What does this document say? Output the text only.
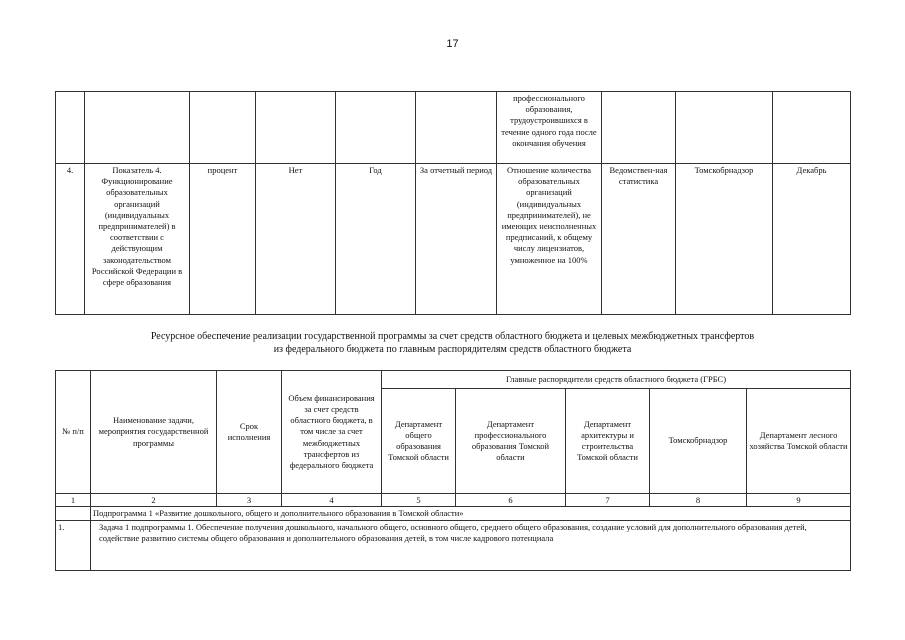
17
						профессионального образования, трудоустроившихся в течение одного года после окончания обучения			
4.	Показатель 4. Функционирование образовательных организаций (индивидуальных предпринимателей) в соответствии с действующим законодательством Российской Федерации в сфере образования	процент	Нет	Год	За отчетный период	Отношение количества образовательных организаций (индивидуальных предпринимателей), не имеющих неисполненных предписаний, к общему числу лицензиатов, умноженное на 100%	Ведомствен-ная статистика	Томскобрнадзор	Декабрь
Ресурсное обеспечение реализации государственной программы за счет средств областного бюджета и целевых межбюджетных трансфертов
из федерального бюджета по главным распорядителям средств областного бюджета
№ п/п	Наименование задачи, мероприятия государственной программы	Срок исполнения	Объем финансирования за счет средств областного бюджета, в том числе за счет межбюджетных трансфертов из федерального бюджета	Главные распорядители средств областного бюджета (ГРБС)				
				Департамент общего образования Томской области	Департамент профессионального образования Томской области	Департамент архитектуры и строительства Томской области	Томскобрнадзор	Департамент лесного хозяйства Томской области
1	2	3	4	5	6	7	8	9
	Подпрограмма 1 «Развитие дошкольного, общего и дополнительного образования в Томской области»							
1.	Задача 1 подпрограммы 1. Обеспечение получения дошкольного, начального общего, основного общего, среднего общего образования, создание условий для дополнительного образования детей, содействие развитию системы общего образования и дополнительного образования детей, в том числе кадрового потенциала							
